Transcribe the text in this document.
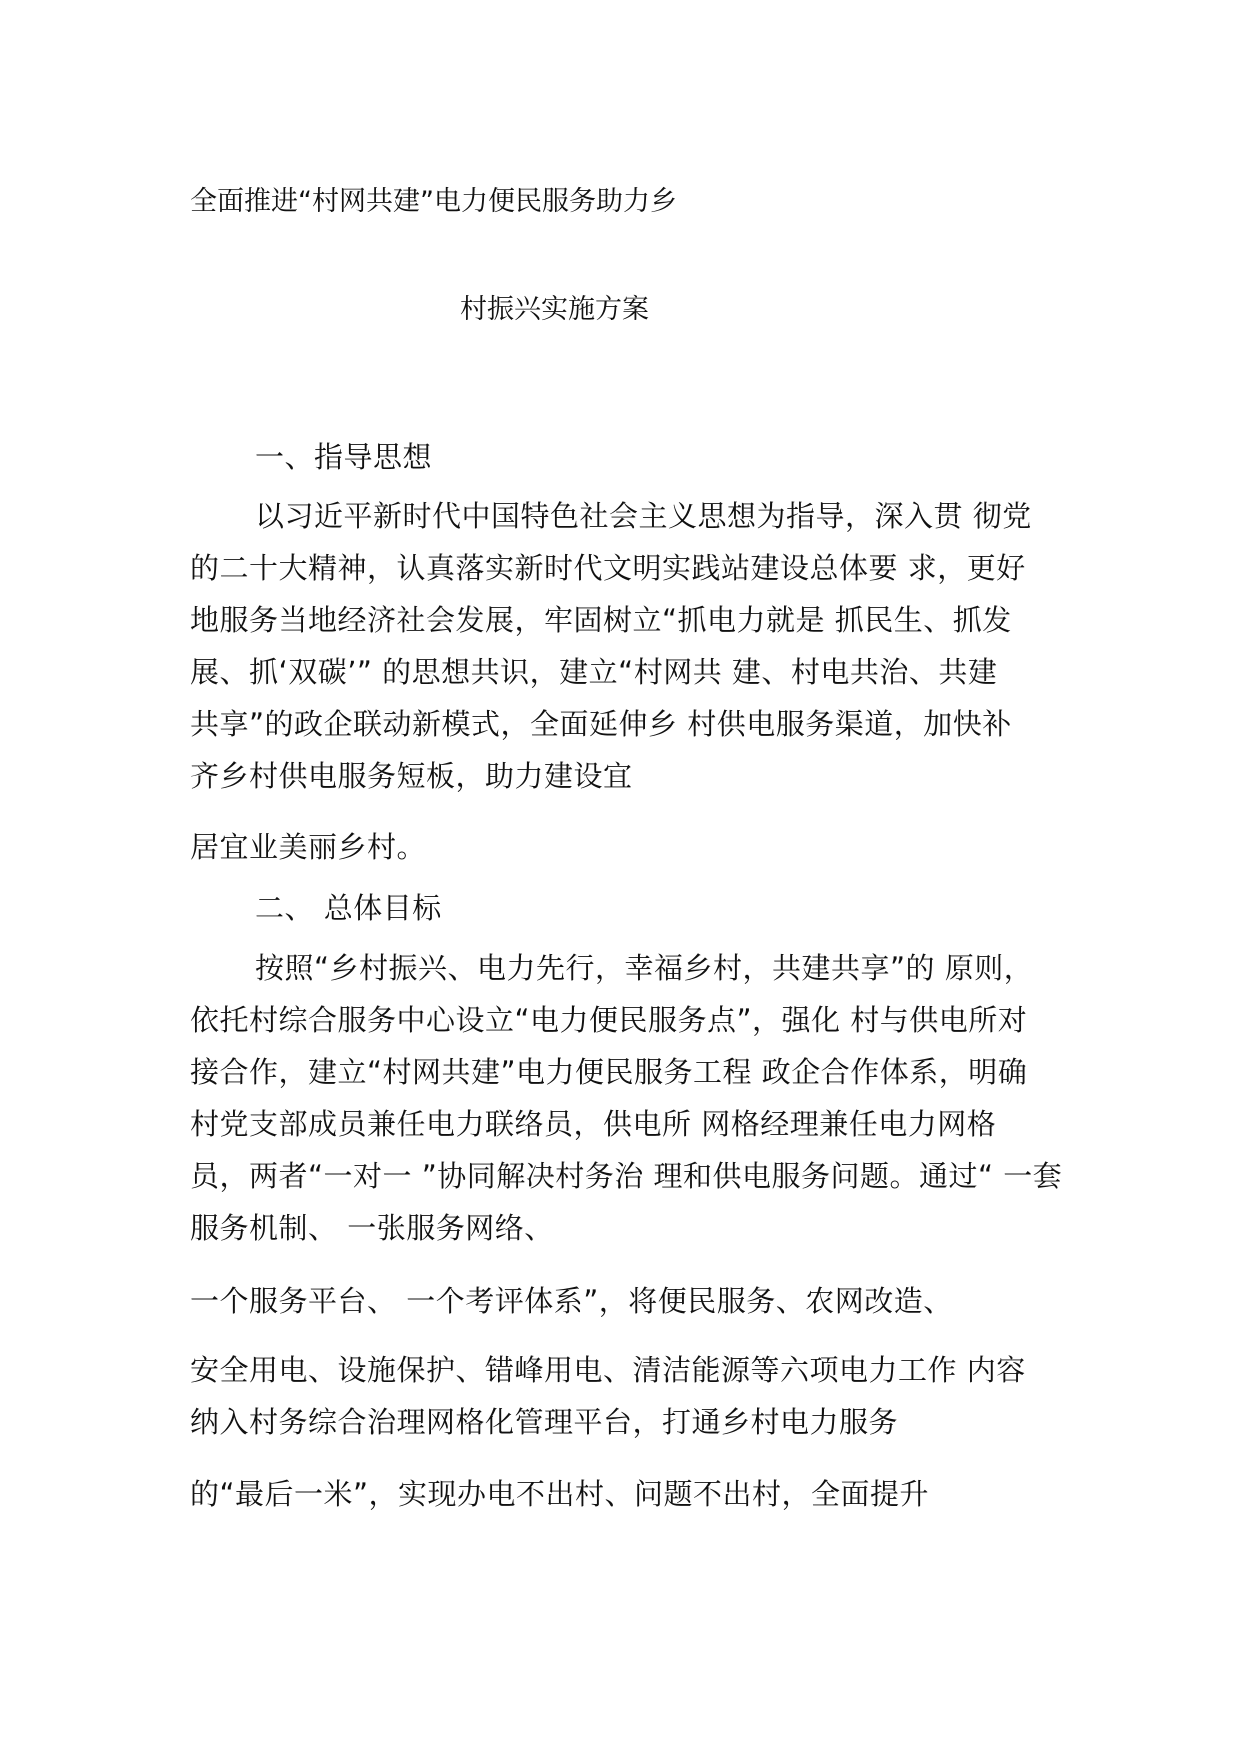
全面推进“村网共建”电力便民服务助力乡
村振兴实施方案
一、指导思想
以习近平新时代中国特色社会主义思想为指导，深入贯 彻党
的二十大精神，认真落实新时代文明实践站建设总体要 求，更好
地服务当地经济社会发展，牢固树立“抓电力就是 抓民生、抓发
展、抓‘双碳’” 的思想共识，建立“村网共 建、村电共治、共建
共享”的政企联动新模式，全面延伸乡 村供电服务渠道，加快补
齐乡村供电服务短板，助力建设宜
居宜业美丽乡村。
二、 总体目标
按照“乡村振兴、电力先行，幸福乡村，共建共享”的 原则，
依托村综合服务中心设立“电力便民服务点”，强化 村与供电所对
接合作，建立“村网共建”电力便民服务工程 政企合作体系，明确
村党支部成员兼任电力联络员，供电所 网格经理兼任电力网格
员，两者“一对一 ”协同解决村务治 理和供电服务问题。通过“ 一套
服务机制、 一张服务网络、
一个服务平台、 一个考评体系”，将便民服务、农网改造、
安全用电、设施保护、错峰用电、清洁能源等六项电力工作 内容
纳入村务综合治理网格化管理平台，打通乡村电力服务
的“最后一米”，实现办电不出村、问题不出村，全面提升
